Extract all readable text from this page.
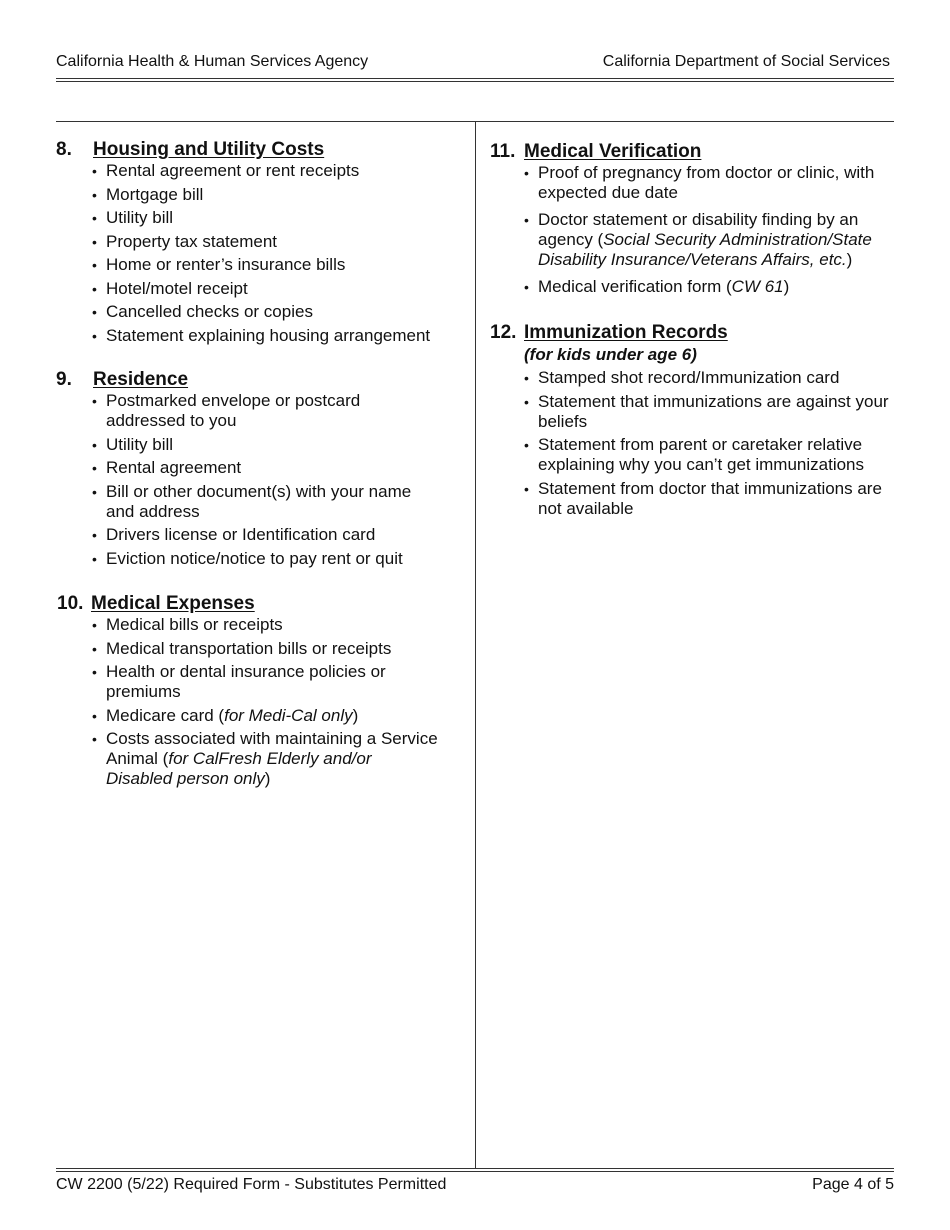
California Health & Human Services Agency	California Department of Social Services
8. Housing and Utility Costs
• Rental agreement or rent receipts
• Mortgage bill
• Utility bill
• Property tax statement
• Home or renter’s insurance bills
• Hotel/motel receipt
• Cancelled checks or copies
• Statement explaining housing arrangement
9. Residence
• Postmarked envelope or postcard addressed to you
• Utility bill
• Rental agreement
• Bill or other document(s) with your name and address
• Drivers license or Identification card
• Eviction notice/notice to pay rent or quit
10. Medical Expenses
• Medical bills or receipts
• Medical transportation bills or receipts
• Health or dental insurance policies or premiums
• Medicare card (for Medi-Cal only)
• Costs associated with maintaining a Service Animal (for CalFresh Elderly and/or Disabled person only)
11. Medical Verification
• Proof of pregnancy from doctor or clinic, with expected due date
• Doctor statement or disability finding by an agency (Social Security Administration/State Disability Insurance/Veterans Affairs, etc.)
• Medical verification form (CW 61)
12. Immunization Records
(for kids under age 6)
• Stamped shot record/Immunization card
• Statement that immunizations are against your beliefs
• Statement from parent or caretaker relative explaining why you can’t get immunizations
• Statement from doctor that immunizations are not available
CW 2200 (5/22) Required Form - Substitutes Permitted	Page 4 of 5
